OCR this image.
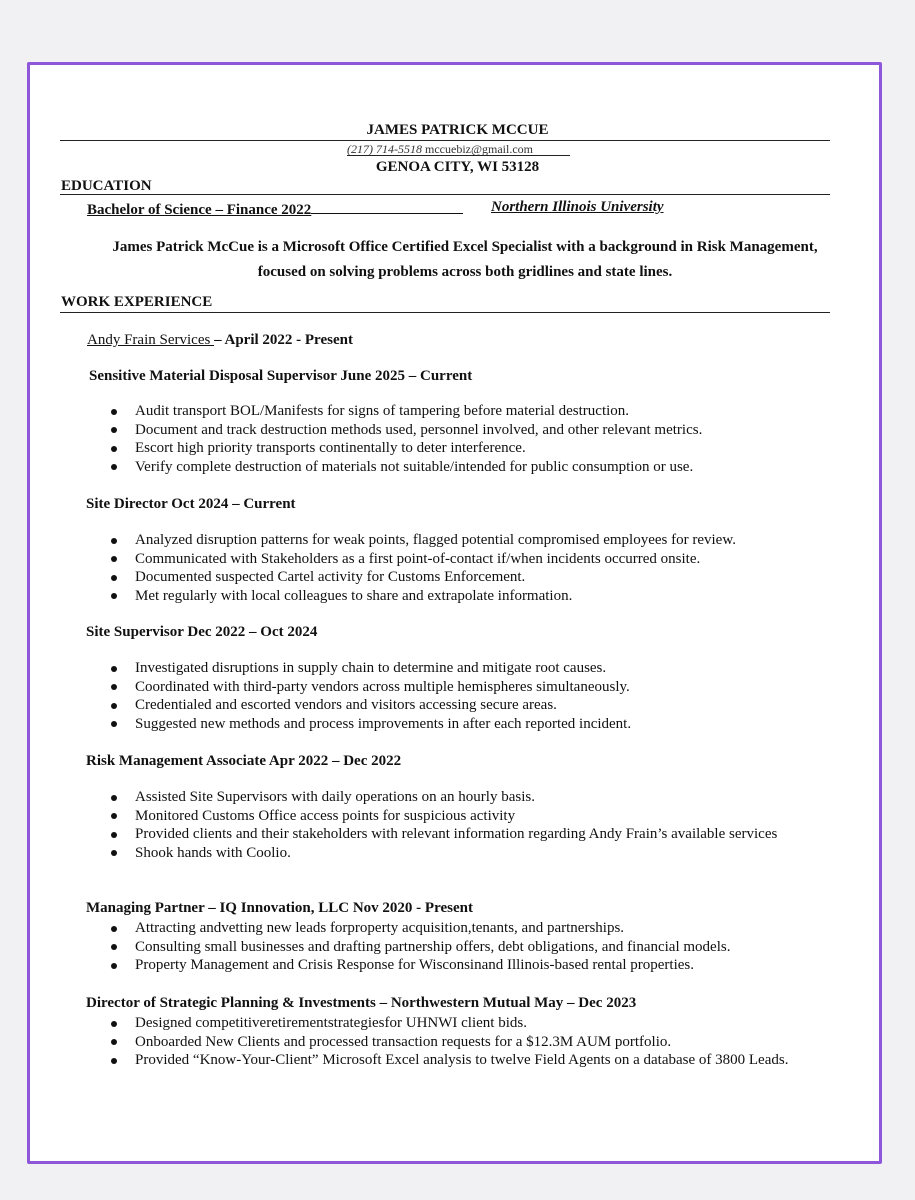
JAMES PATRICK MCCUE
(217) 714-5518 mccuebiz@gmail.com
GENOA CITY, WI 53128
EDUCATION
Bachelor of Science – Finance 2022	Northern Illinois University
James Patrick McCue is a Microsoft Office Certified Excel Specialist with a background in Risk Management, focused on solving problems across both gridlines and state lines.
WORK EXPERIENCE
Andy Frain Services – April 2022 - Present
Sensitive Material Disposal Supervisor June 2025 – Current
Audit transport BOL/Manifests for signs of tampering before material destruction.
Document and track destruction methods used, personnel involved, and other relevant metrics.
Escort high priority transports continentally to deter interference.
Verify complete destruction of materials not suitable/intended for public consumption or use.
Site Director Oct 2024 – Current
Analyzed disruption patterns for weak points, flagged potential compromised employees for review.
Communicated with Stakeholders as a first point-of-contact if/when incidents occurred onsite.
Documented suspected Cartel activity for Customs Enforcement.
Met regularly with local colleagues to share and extrapolate information.
Site Supervisor Dec 2022 – Oct 2024
Investigated disruptions in supply chain to determine and mitigate root causes.
Coordinated with third-party vendors across multiple hemispheres simultaneously.
Credentialed and escorted vendors and visitors accessing secure areas.
Suggested new methods and process improvements in after each reported incident.
Risk Management Associate Apr 2022 – Dec 2022
Assisted Site Supervisors with daily operations on an hourly basis.
Monitored Customs Office access points for suspicious activity
Provided clients and their stakeholders with relevant information regarding Andy Frain’s available services
Shook hands with Coolio.
Managing Partner – IQ Innovation, LLC Nov 2020 - Present
Attracting andvetting new leads forproperty acquisition,tenants, and partnerships.
Consulting small businesses and drafting partnership offers, debt obligations, and financial models.
Property Management and Crisis Response for Wisconsinand Illinois-based rental properties.
Director of Strategic Planning & Investments – Northwestern Mutual May – Dec 2023
Designed competitiveretirementstrategiesfor UHNWI client bids.
Onboarded New Clients and processed transaction requests for a $12.3M AUM portfolio.
Provided “Know-Your-Client” Microsoft Excel analysis to twelve Field Agents on a database of 3800 Leads.
